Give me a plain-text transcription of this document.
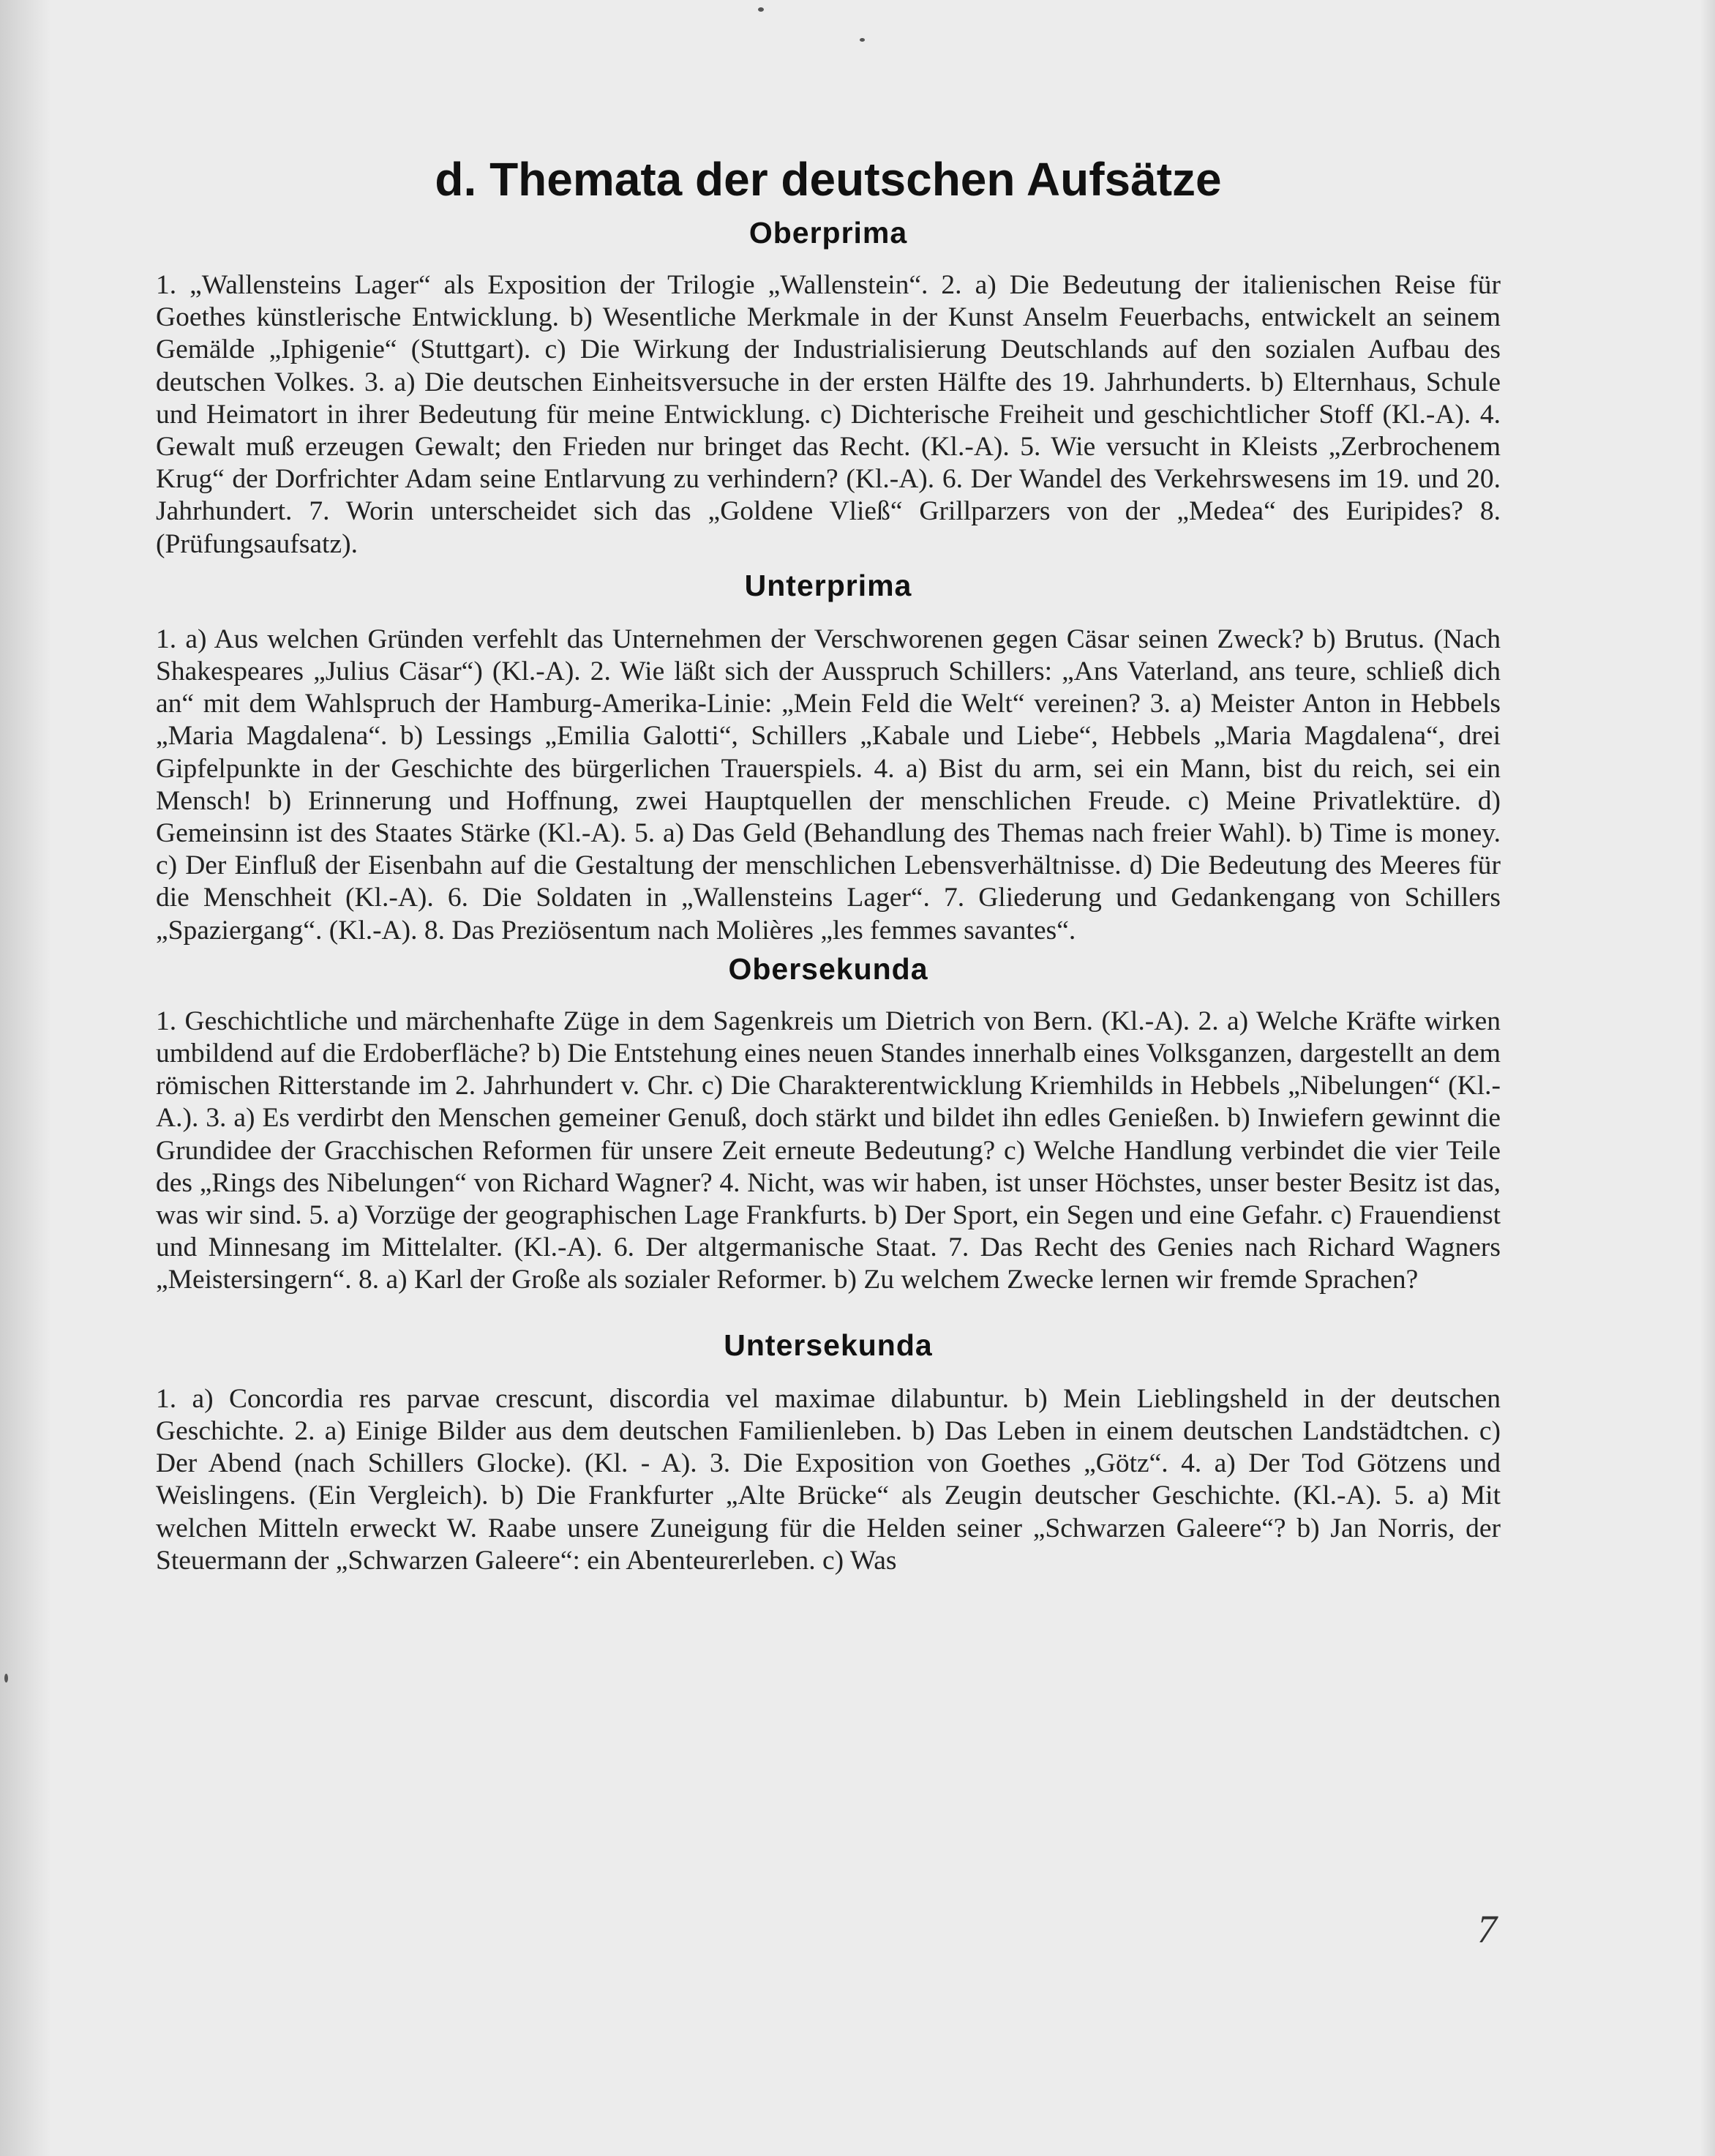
d. Themata der deutschen Aufsätze
Oberprima

1. „Wallensteins Lager“ als Exposition der Trilogie „Wallenstein“. 2. a) Die Bedeutung der italienischen Reise für Goethes künstlerische Entwicklung. b) Wesentliche Merkmale in der Kunst Anselm Feuerbachs, entwickelt an seinem Gemälde „Iphigenie“ (Stuttgart). c) Die Wirkung der Industrialisierung Deutschlands auf den sozialen Aufbau des deutschen Volkes. 3. a) Die deutschen Einheitsversuche in der ersten Hälfte des 19. Jahrhunderts. b) Elternhaus, Schule und Heimatort in ihrer Bedeutung für meine Entwicklung. c) Dichterische Freiheit und geschichtlicher Stoff (Kl.-A). 4. Gewalt muß erzeugen Gewalt; den Frieden nur bringet das Recht. (Kl.-A). 5. Wie versucht in Kleists „Zerbrochenem Krug“ der Dorfrichter Adam seine Entlarvung zu verhindern? (Kl.-A). 6. Der Wandel des Verkehrswesens im 19. und 20. Jahrhundert. 7. Worin unterscheidet sich das „Goldene Vließ“ Grillparzers von der „Medea“ des Euripides? 8. (Prüfungsaufsatz).

Unterprima

1. a) Aus welchen Gründen verfehlt das Unternehmen der Verschworenen gegen Cäsar seinen Zweck? b) Brutus. (Nach Shakespeares „Julius Cäsar“) (Kl.-A). 2. Wie läßt sich der Ausspruch Schillers: „Ans Vaterland, ans teure, schließ dich an“ mit dem Wahlspruch der Hamburg-Amerika-Linie: „Mein Feld die Welt“ vereinen? 3. a) Meister Anton in Hebbels „Maria Magdalena“. b) Lessings „Emilia Galotti“, Schillers „Kabale und Liebe“, Hebbels „Maria Magdalena“, drei Gipfelpunkte in der Geschichte des bürgerlichen Trauerspiels. 4. a) Bist du arm, sei ein Mann, bist du reich, sei ein Mensch! b) Erinnerung und Hoffnung, zwei Hauptquellen der menschlichen Freude. c) Meine Privatlektüre. d) Gemeinsinn ist des Staates Stärke (Kl.-A). 5. a) Das Geld (Behandlung des Themas nach freier Wahl). b) Time is money. c) Der Einfluß der Eisenbahn auf die Gestaltung der menschlichen Lebensverhältnisse. d) Die Bedeutung des Meeres für die Menschheit (Kl.-A). 6. Die Soldaten in „Wallensteins Lager“. 7. Gliederung und Gedankengang von Schillers „Spaziergang“. (Kl.-A). 8. Das Preziösentum nach Molières „les femmes savantes“.

Obersekunda

1. Geschichtliche und märchenhafte Züge in dem Sagenkreis um Dietrich von Bern. (Kl.-A). 2. a) Welche Kräfte wirken umbildend auf die Erdoberfläche? b) Die Entstehung eines neuen Standes innerhalb eines Volksganzen, dargestellt an dem römischen Ritterstande im 2. Jahrhundert v. Chr. c) Die Charakterentwicklung Kriemhilds in Hebbels „Nibelungen“ (Kl.-A.). 3. a) Es verdirbt den Menschen gemeiner Genuß, doch stärkt und bildet ihn edles Genießen. b) Inwiefern gewinnt die Grundidee der Gracchischen Reformen für unsere Zeit erneute Bedeutung? c) Welche Handlung verbindet die vier Teile des „Rings des Nibelungen“ von Richard Wagner? 4. Nicht, was wir haben, ist unser Höchstes, unser bester Besitz ist das, was wir sind. 5. a) Vorzüge der geographischen Lage Frankfurts. b) Der Sport, ein Segen und eine Gefahr. c) Frauendienst und Minnesang im Mittelalter. (Kl.-A). 6. Der altgermanische Staat. 7. Das Recht des Genies nach Richard Wagners „Meistersingern“. 8. a) Karl der Große als sozialer Reformer. b) Zu welchem Zwecke lernen wir fremde Sprachen?

Untersekunda

1. a) Concordia res parvae crescunt, discordia vel maximae dilabuntur. b) Mein Lieblingsheld in der deutschen Geschichte. 2. a) Einige Bilder aus dem deutschen Familienleben. b) Das Leben in einem deutschen Landstädtchen. c) Der Abend (nach Schillers Glocke). (Kl. - A). 3. Die Exposition von Goethes „Götz“. 4. a) Der Tod Götzens und Weislingens. (Ein Vergleich). b) Die Frankfurter „Alte Brücke“ als Zeugin deutscher Geschichte. (Kl.-A). 5. a) Mit welchen Mitteln erweckt W. Raabe unsere Zuneigung für die Helden seiner „Schwarzen Galeere“? b) Jan Norris, der Steuermann der „Schwarzen Galeere“: ein Abenteurerleben. c) Was

7
